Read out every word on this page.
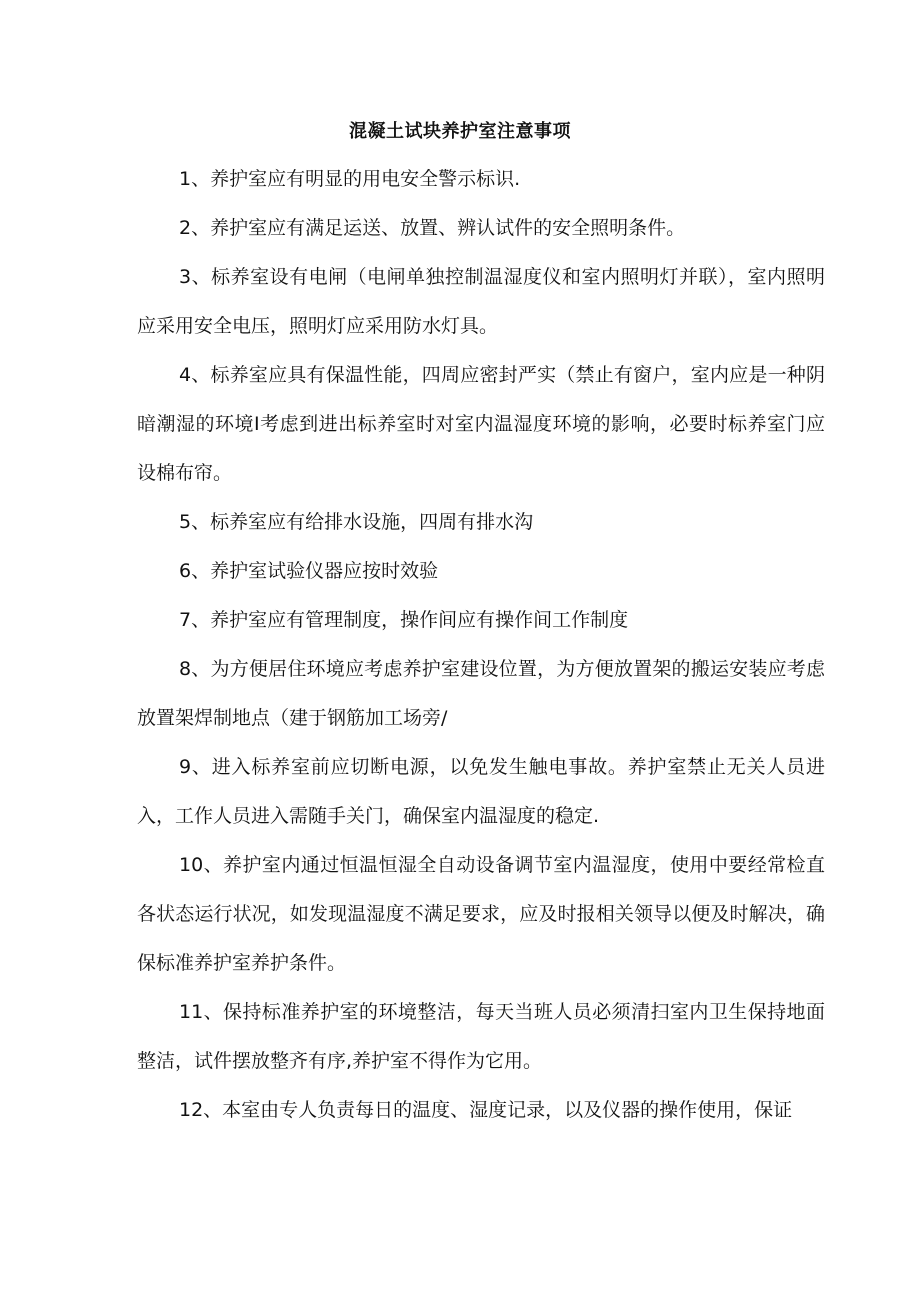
混凝土试块养护室注意事项

1、养护室应有明显的用电安全警示标识.

2、养护室应有满足运送、放置、辨认试件的安全照明条件。

3、标养室设有电闸（电闸单独控制温湿度仪和室内照明灯并联），室内照明应采用安全电压，照明灯应采用防水灯具。

4、标养室应具有保温性能，四周应密封严实（禁止有窗户，室内应是一种阴暗潮湿的环境I考虑到进出标养室时对室内温湿度环境的影响，必要时标养室门应设棉布帘。

5、标养室应有给排水设施，四周有排水沟

6、养护室试验仪器应按时效验

7、养护室应有管理制度，操作间应有操作间工作制度

8、为方便居住环境应考虑养护室建设位置，为方便放置架的搬运安装应考虑放置架焊制地点（建于钢筋加工场旁/

9、进入标养室前应切断电源，以免发生触电事故。养护室禁止无关人员进入，工作人员进入需随手关门，确保室内温湿度的稳定.

10、养护室内通过恒温恒湿全自动设备调节室内温湿度，使用中要经常检直各状态运行状况，如发现温湿度不满足要求，应及时报相关领导以便及时解决，确保标准养护室养护条件。

11、保持标准养护室的环境整洁，每天当班人员必须清扫室内卫生保持地面整洁，试件摆放整齐有序,养护室不得作为它用。

12、本室由专人负责每日的温度、湿度记录，以及仪器的操作使用，保证
